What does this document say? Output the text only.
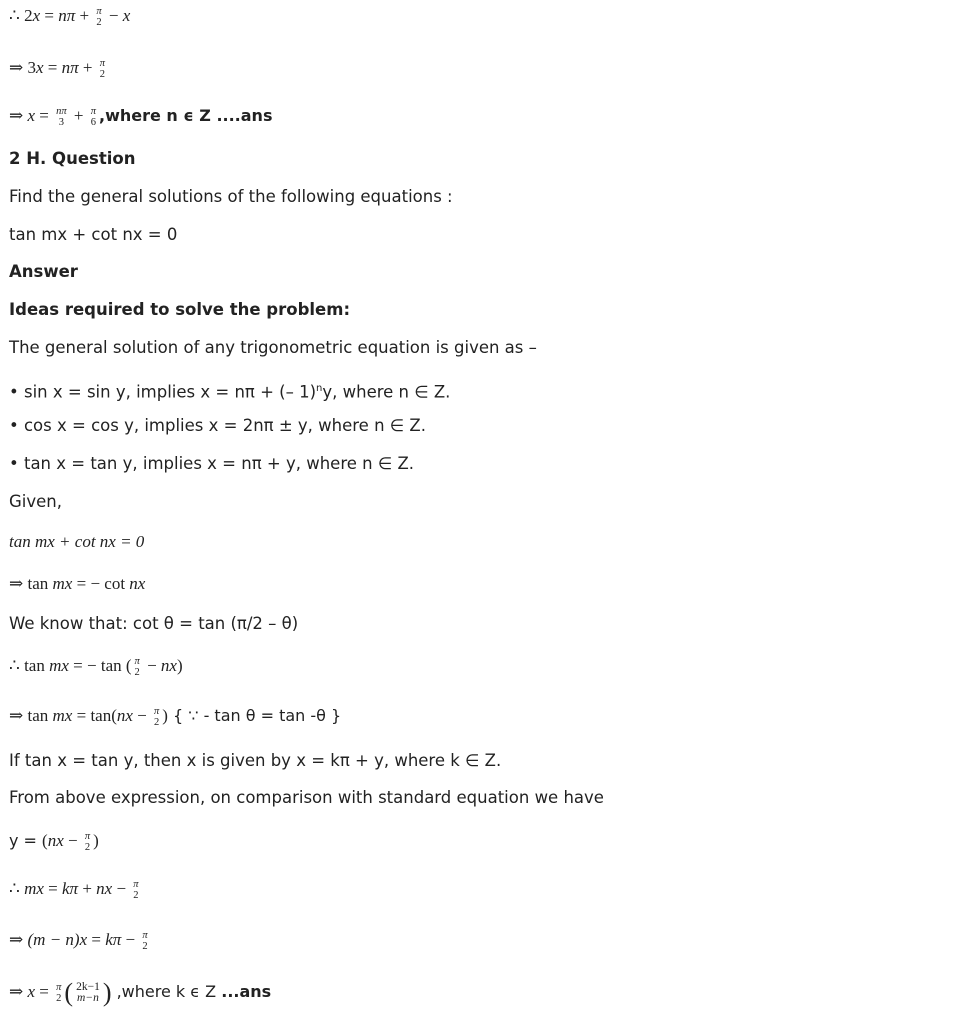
∴ 2x = nπ + π
2 − x
⇒ 3x = nπ + π
2
⇒ x = nπ
3 + π
6 ,where n ϵ Z ....ans
2 H. Question
Find the general solutions of the following equations :
tan mx + cot nx = 0
Answer
Ideas required to solve the problem:
The general solution of any trigonometric equation is given as –
• sin x = sin y, implies x = nπ + (– 1)$^n$y, where n ∈ Z.
• cos x = cos y, implies x = 2nπ ± y, where n ∈ Z.
• tan x = tan y, implies x = nπ + y, where n ∈ Z.
Given,
tan mx + cot nx = 0
⇒ tan mx = − cot nx
We know that: cot θ = tan (π/2 – θ)
∴ tan mx = − tan ( π
2 − nx)
⇒ tan mx = tan(nx − π
2 ) { ∵ - tan θ = tan -θ }
If tan x = tan y, then x is given by x = kπ + y, where k ∈ Z.
From above expression, on comparison with standard equation we have
y = (nx − π
2 )
∴ mx = kπ + nx − π
2
⇒ (m − n)x = kπ − π
2
⇒ x = π
2 ( 2k−1
m−n ) ,where k ϵ Z ...ans
